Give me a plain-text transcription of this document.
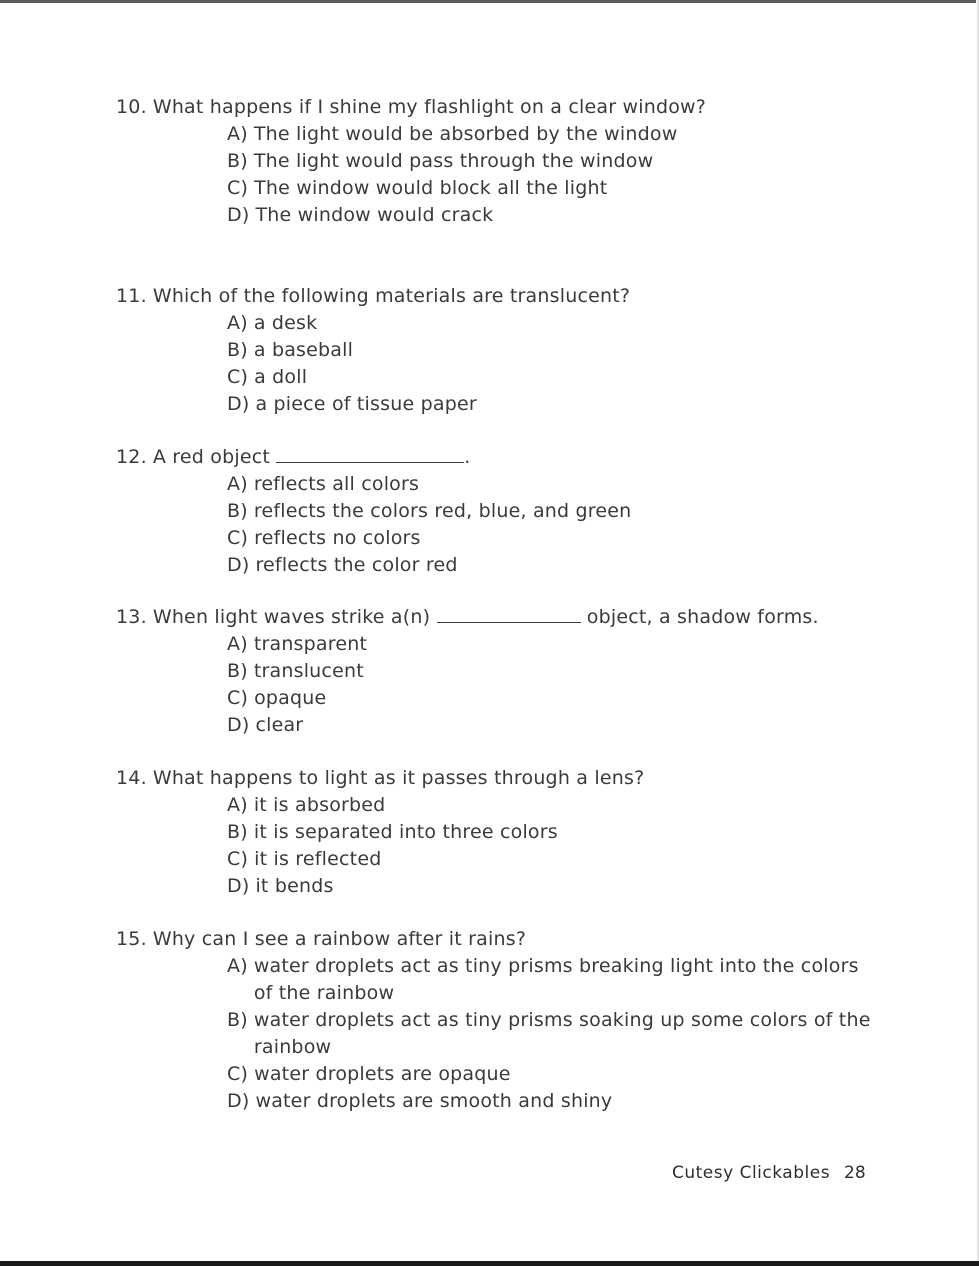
10. What happens if I shine my flashlight on a clear window?
A) The light would be absorbed by the window
B) The light would pass through the window
C) The window would block all the light
D) The window would crack
11. Which of the following materials are translucent?
A) a desk
B) a baseball
C) a doll
D) a piece of tissue paper
12. A red object	.
A) reflects all colors
B) reflects the colors red, blue, and green
C) reflects no colors
D) reflects the color red
13. When light waves strike a(n)	object, a shadow forms.
A) transparent
B) translucent
C) opaque
D) clear
14. What happens to light as it passes through a lens?
A) it is absorbed
B) it is separated into three colors
C) it is reflected
D) it bends
15. Why can I see a rainbow after it rains?
A) water droplets act as tiny prisms breaking light into the colors of the rainbow
B) water droplets act as tiny prisms soaking up some colors of the rainbow
C) water droplets are opaque
D) water droplets are smooth and shiny
Cutesy Clickables 28
